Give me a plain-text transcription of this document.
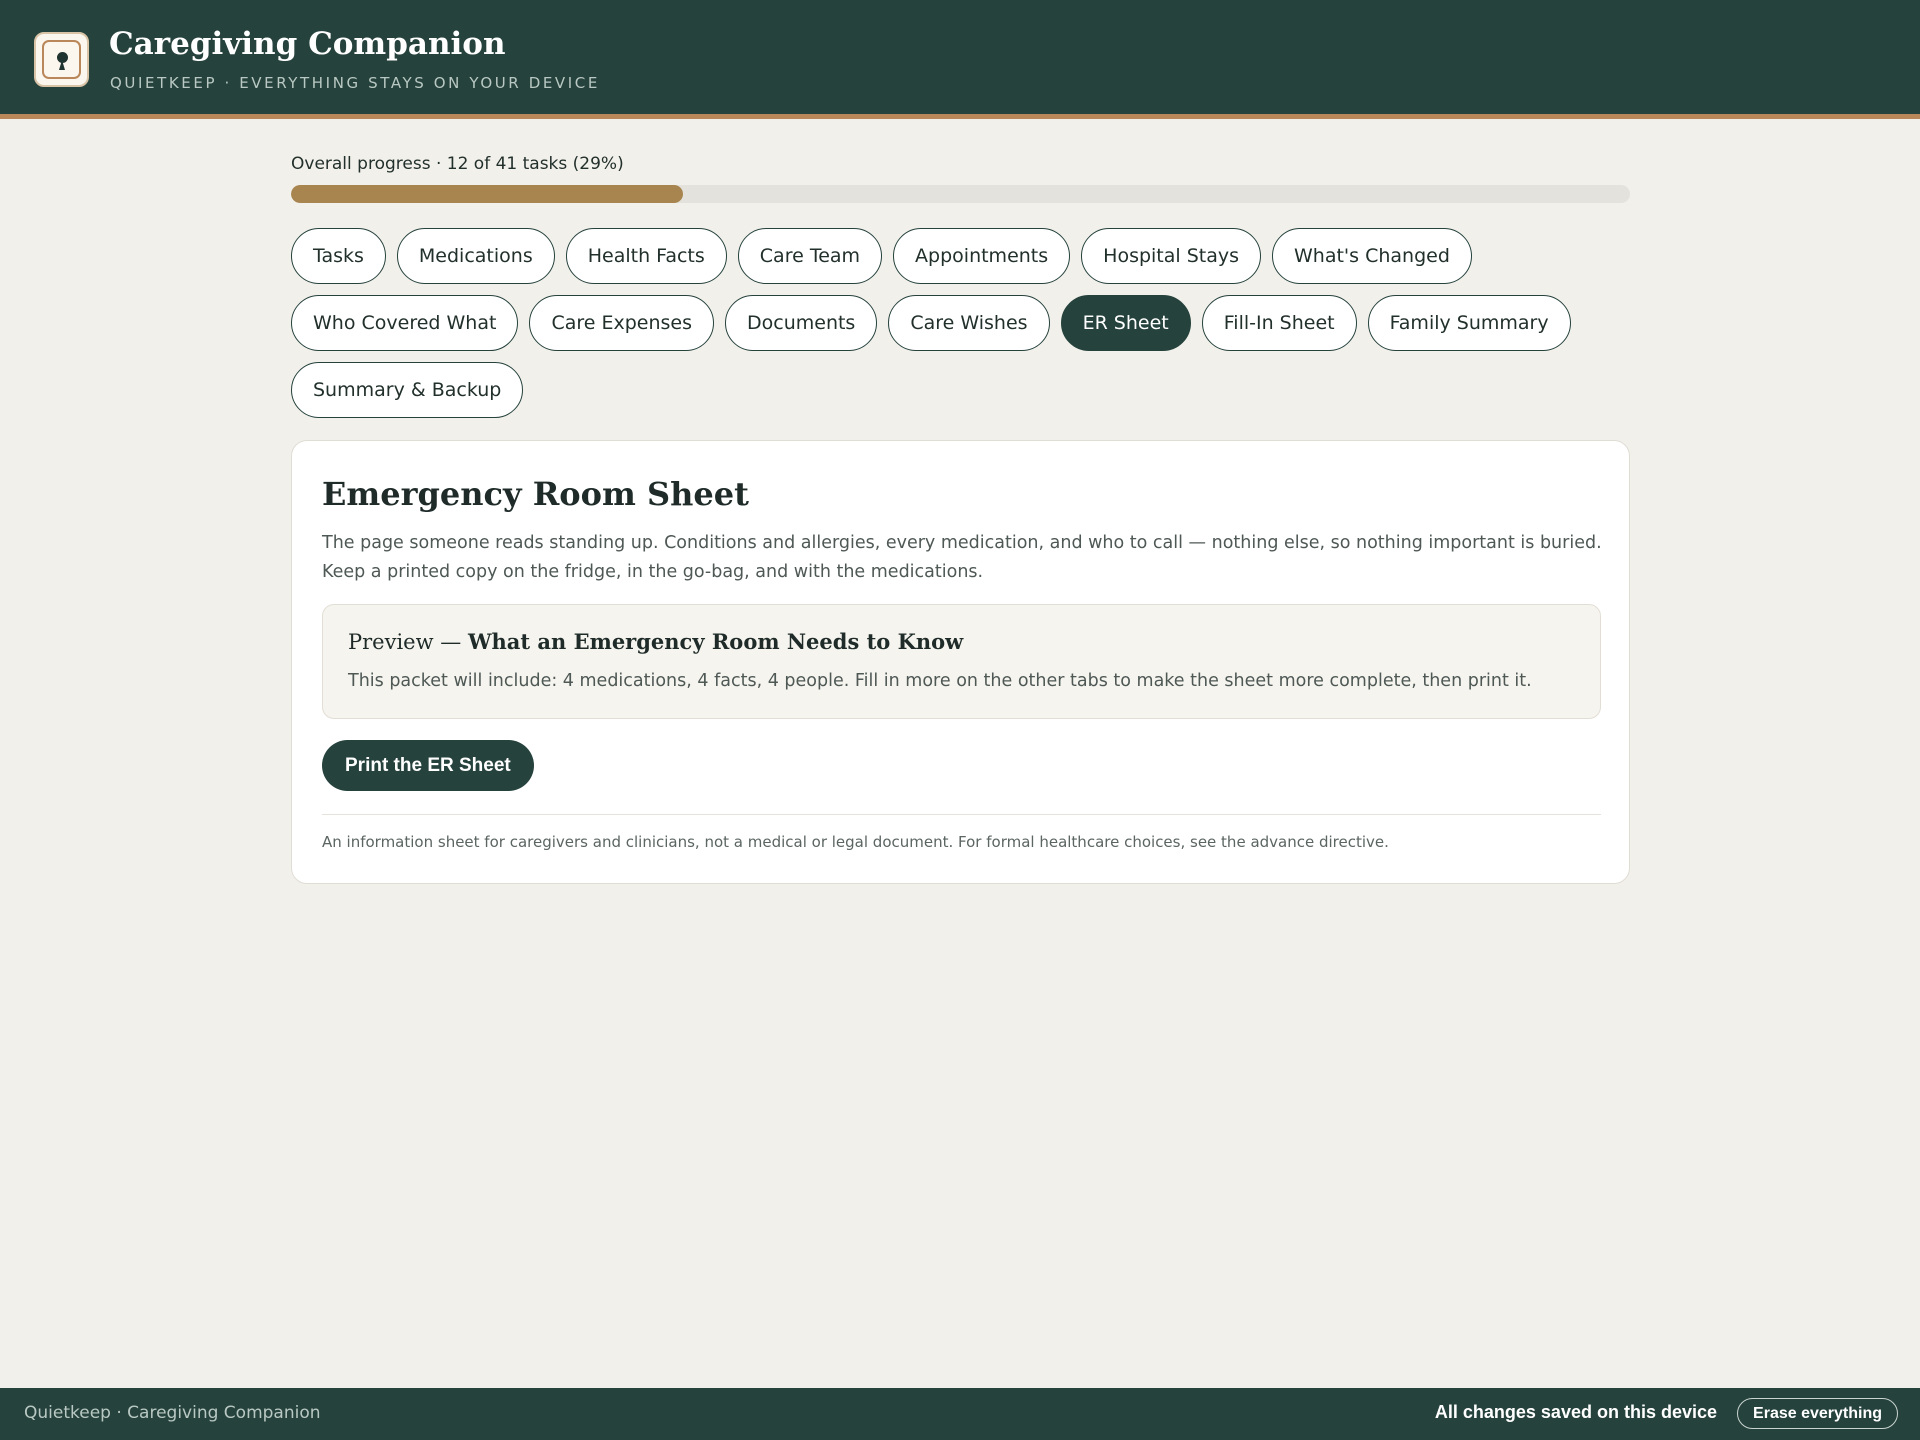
Caregiving Companion
QUIETKEEP · EVERYTHING STAYS ON YOUR DEVICE
Overall progress · 12 of 41 tasks (29%)
Tasks	Medications	Health Facts	Care Team	Appointments	Hospital Stays	What's Changed
Who Covered What	Care Expenses	Documents	Care Wishes	ER Sheet	Fill-In Sheet	Family Summary
Summary & Backup
Emergency Room Sheet

The page someone reads standing up. Conditions and allergies, every medication, and who to call — nothing else, so nothing important is buried. Keep a printed copy on the fridge, in the go-bag, and with the medications.

Preview — What an Emergency Room Needs to Know
This packet will include: 4 medications, 4 facts, 4 people. Fill in more on the other tabs to make the sheet more complete, then print it.
Print the ER Sheet
An information sheet for caregivers and clinicians, not a medical or legal document. For formal healthcare choices, see the advance directive.
Quietkeep · Caregiving Companion	All changes saved on this device	Erase everything
